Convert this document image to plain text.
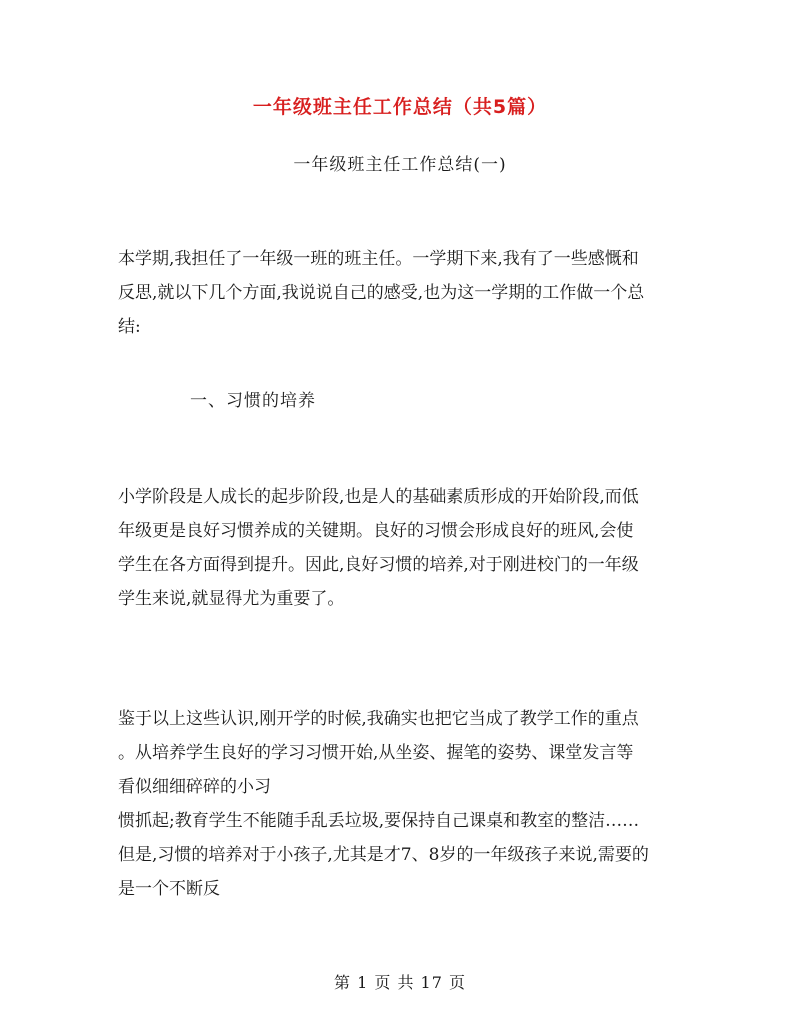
一年级班主任工作总结（共5篇）
一年级班主任工作总结(一)
本学期,我担任了一年级一班的班主任。一学期下来,我有了一些感慨和
反思,就以下几个方面,我说说自己的感受,也为这一学期的工作做一个总
结:
一、习惯的培养
小学阶段是人成长的起步阶段,也是人的基础素质形成的开始阶段,而低
年级更是良好习惯养成的关键期。良好的习惯会形成良好的班风,会使
学生在各方面得到提升。因此,良好习惯的培养,对于刚进校门的一年级
学生来说,就显得尤为重要了。
鉴于以上这些认识,刚开学的时候,我确实也把它当成了教学工作的重点
。从培养学生良好的学习习惯开始,从坐姿、握笔的姿势、课堂发言等
看似细细碎碎的小习
惯抓起;教育学生不能随手乱丢垃圾,要保持自己课桌和教室的整洁……
但是,习惯的培养对于小孩子,尤其是才7、8岁的一年级孩子来说,需要的
是一个不断反
第 1 页 共 17 页
